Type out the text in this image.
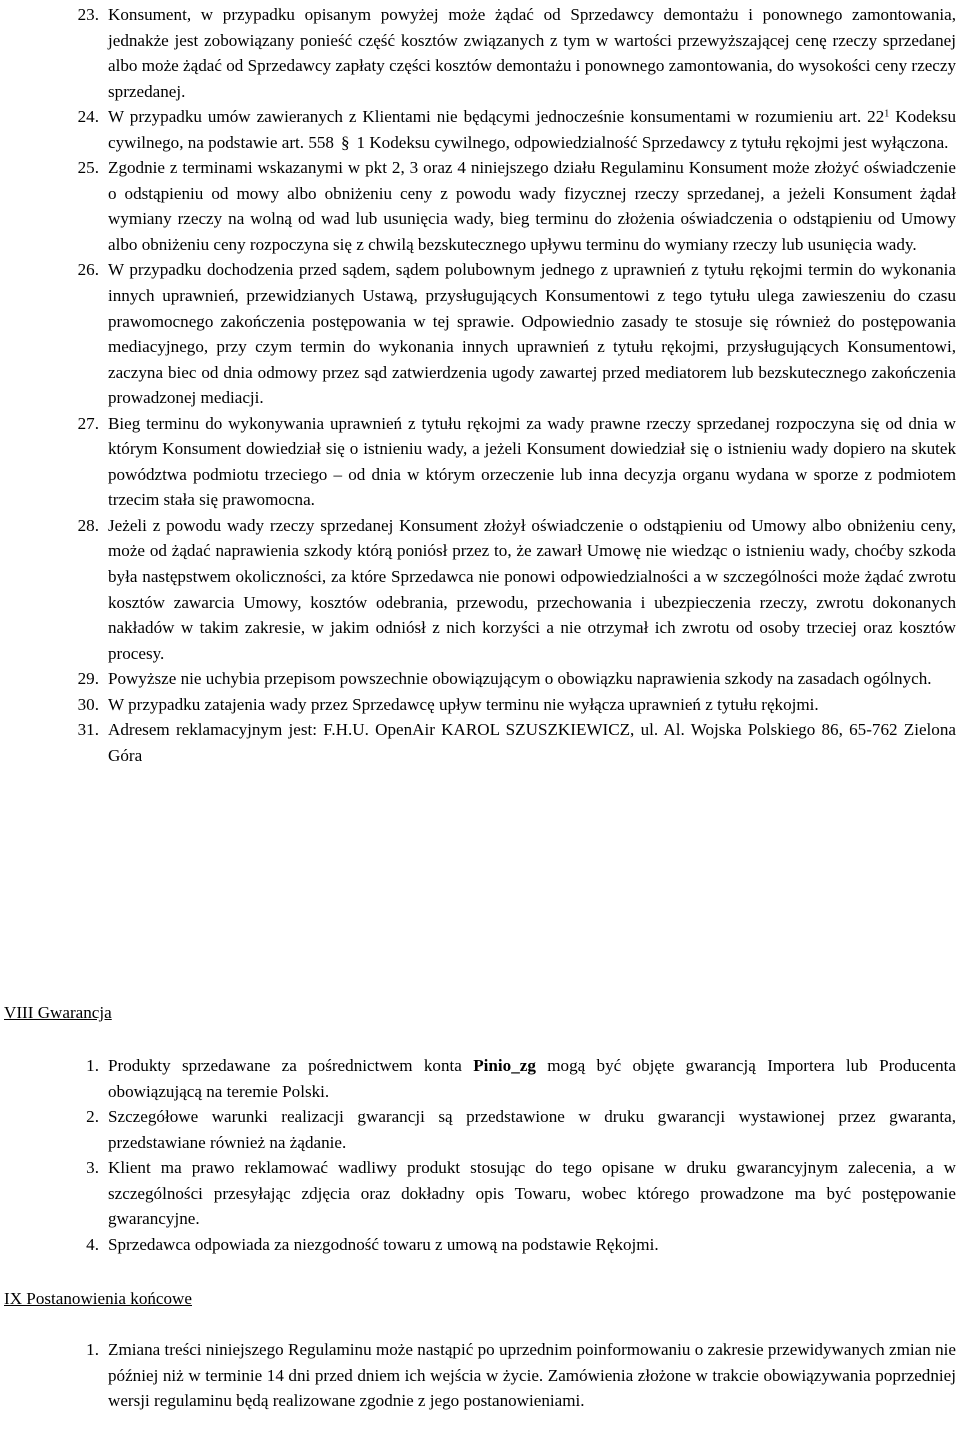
23. Konsument, w przypadku opisanym powyżej może żądać od Sprzedawcy demontażu i ponownego zamontowania, jednakże jest zobowiązany ponieść część kosztów związanych z tym w wartości przewyższającej cenę rzeczy sprzedanej albo może żądać od Sprzedawcy zapłaty części kosztów demontażu i ponownego zamontowania, do wysokości ceny rzeczy sprzedanej.
24. W przypadku umów zawieranych z Klientami nie będącymi jednocześnie konsumentami w rozumieniu art. $22^1$ Kodeksu cywilnego, na podstawie art. 558 § 1 Kodeksu cywilnego, odpowiedzialność Sprzedawcy z tytułu rękojmi jest wyłączona.
25. Zgodnie z terminami wskazanymi w pkt 2, 3 oraz 4 niniejszego działu Regulaminu Konsument może złożyć oświadczenie o odstąpieniu od mowy albo obniżeniu ceny z powodu wady fizycznej rzeczy sprzedanej, a jeżeli Konsument żądał wymiany rzeczy na wolną od wad lub usunięcia wady, bieg terminu do złożenia oświadczenia o odstąpieniu od Umowy albo obniżeniu ceny rozpoczyna się z chwilą bezskutecznego upływu terminu do wymiany rzeczy lub usunięcia wady.
26. W przypadku dochodzenia przed sądem, sądem polubownym jednego z uprawnień z tytułu rękojmi termin do wykonania innych uprawnień, przewidzianych Ustawą, przysługujących Konsumentowi z tego tytułu ulega zawieszeniu do czasu prawomocnego zakończenia postępowania w tej sprawie. Odpowiednio zasady te stosuje się również do postępowania mediacyjnego, przy czym termin do wykonania innych uprawnień z tytułu rękojmi, przysługujących Konsumentowi, zaczyna biec od dnia odmowy przez sąd zatwierdzenia ugody zawartej przed mediatorem lub bezskutecznego zakończenia prowadzonej mediacji.
27. Bieg terminu do wykonywania uprawnień z tytułu rękojmi za wady prawne rzeczy sprzedanej rozpoczyna się od dnia w którym Konsument dowiedział się o istnieniu wady, a jeżeli Konsument dowiedział się o istnieniu wady dopiero na skutek powództwa podmiotu trzeciego – od dnia w którym orzeczenie lub inna decyzja organu wydana w sporze z podmiotem trzecim stała się prawomocna.
28. Jeżeli z powodu wady rzeczy sprzedanej Konsument złożył oświadczenie o odstąpieniu od Umowy albo obniżeniu ceny, może od żądać naprawienia szkody którą poniósł przez to, że zawarł Umowę nie wiedząc o istnieniu wady, choćby szkoda była następstwem okoliczności, za które Sprzedawca nie ponowi odpowiedzialności a w szczególności może żądać zwrotu kosztów zawarcia Umowy, kosztów odebrania, przewodu, przechowania i ubezpieczenia rzeczy, zwrotu dokonanych nakładów w takim zakresie, w jakim odniósł z nich korzyści a nie otrzymał ich zwrotu od osoby trzeciej oraz kosztów procesy.
29. Powyższe nie uchybia przepisom powszechnie obowiązującym o obowiązku naprawienia szkody na zasadach ogólnych.
30. W przypadku zatajenia wady przez Sprzedawcę upływ terminu nie wyłącza uprawnień z tytułu rękojmi.
31. Adresem reklamacyjnym jest: F.H.U. OpenAir KAROL SZUSZKIEWICZ, ul. Al. Wojska Polskiego 86, 65-762 Zielona Góra
VIII Gwarancja
1. Produkty sprzedawane za pośrednictwem konta Pinio_zg mogą być objęte gwarancją Importera lub Producenta obowiązującą na teremie Polski.
2. Szczegółowe warunki realizacji gwarancji są przedstawione w druku gwarancji wystawionej przez gwaranta, przedstawiane również na żądanie.
3. Klient ma prawo reklamować wadliwy produkt stosując do tego opisane w druku gwarancyjnym zalecenia, a w szczególności przesyłając zdjęcia oraz dokładny opis Towaru, wobec którego prowadzone ma być postępowanie gwarancyjne.
4. Sprzedawca odpowiada za niezgodność towaru z umową na podstawie Rękojmi.
IX Postanowienia końcowe
1. Zmiana treści niniejszego Regulaminu może nastąpić po uprzednim poinformowaniu o zakresie przewidywanych zmian nie później niż w terminie 14 dni przed dniem ich wejścia w życie. Zamówienia złożone w trakcie obowiązywania poprzedniej wersji regulaminu będą realizowane zgodnie z jego postanowieniami.
